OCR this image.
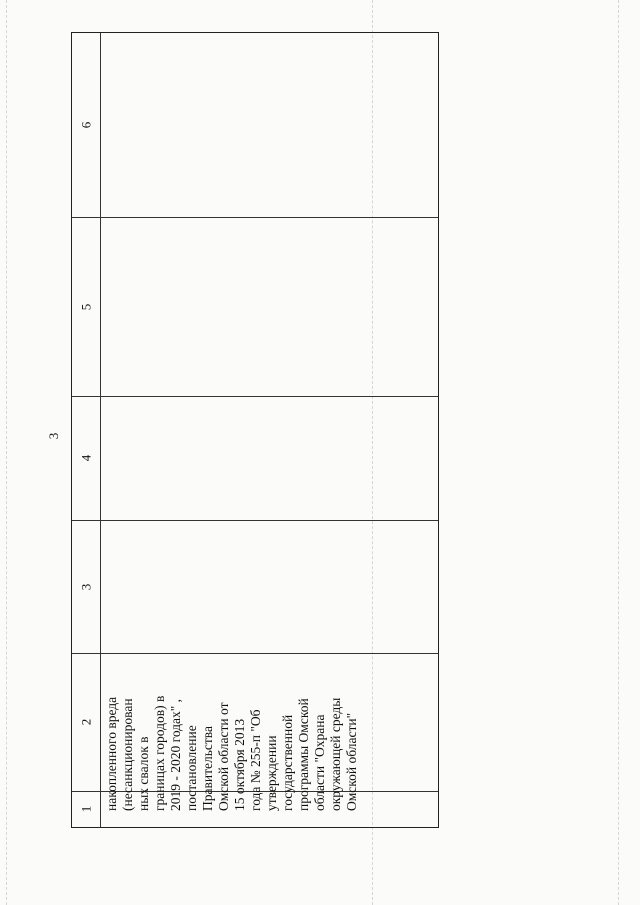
3
6
5
4
3
2
1 накопленного вреда (несанкционирован ных свалок в границах городов) в 2019 - 2020 годах" , постановление Правительства Омской области от 15 октября 2013 года № 255-п "Об утверждении государственной программы Омской области "Охрана окружающей среды Омской области"
